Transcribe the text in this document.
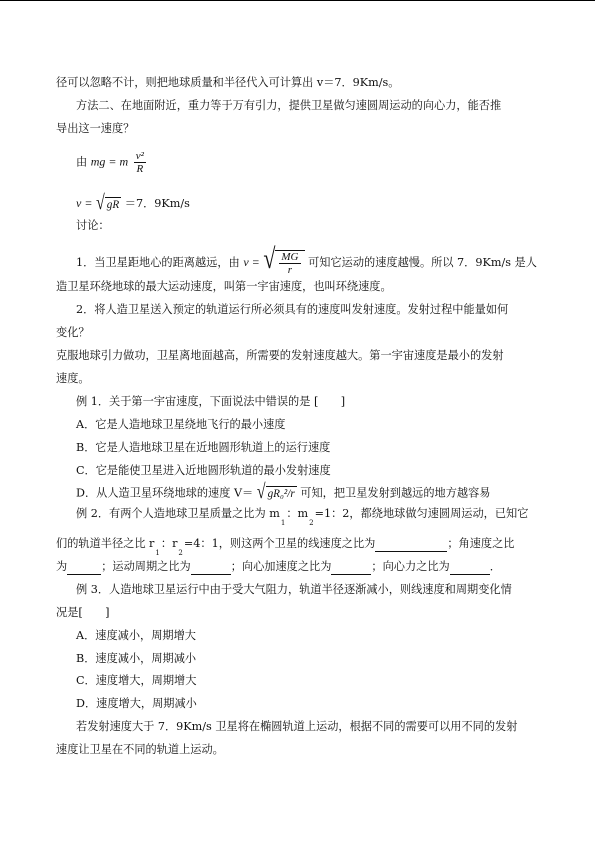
径可以忽略不计，则把地球质量和半径代入可计算出 v＝7．9Km/s。
方法二、在地面附近，重力等于万有引力，提供卫星做匀速圆周运动的向心力，能否推
导出这一速度？
由 mg = m $\frac{\text{v²}}{R}$
v = √ gR ＝7．9Km/s
讨论：
1．当卫星距地心的距离越远，由 v = √ $\frac{MG}{r}$ 可知它运动的速度越慢。所以 7．9Km/s 是人
造卫星环绕地球的最大运动速度，叫第一宇宙速度，也叫环绕速度。
2．将人造卫星送入预定的轨道运行所必须具有的速度叫发射速度。发射过程中能量如何
变化？
克服地球引力做功，卫星离地面越高，所需要的发射速度越大。第一宇宙速度是最小的发射
速度。
例 1．关于第一宇宙速度，下面说法中错误的是 [　　]
A．它是人造地球卫星绕地飞行的最小速度
B．它是人造地球卫星在近地圆形轨道上的运行速度
C．它是能使卫星进入近地圆形轨道的最小发射速度
D．从人造卫星环绕地球的速度 V＝ √ gR₀²/r 可知，把卫星发射到越远的地方越容易
例 2．有两个人造地球卫星质量之比为 $m_1$：$m_2=1$：2，都绕地球做匀速圆周运动，已知它
们的轨道半径之比 $r_1$：$r_2=4$：1，则这两个卫星的线速度之比为	；角速度之比
为	；运动周期之比为	；向心加速度之比为	；向心力之比为	．
例 3．人造地球卫星运行中由于受大气阻力，轨道半径逐渐减小，则线速度和周期变化情
况是[　　]
A．速度减小，周期增大
B．速度减小，周期减小
C．速度增大，周期增大
D．速度增大，周期减小
若发射速度大于 7．9Km/s 卫星将在椭圆轨道上运动，根据不同的需要可以用不同的发射
速度让卫星在不同的轨道上运动。
